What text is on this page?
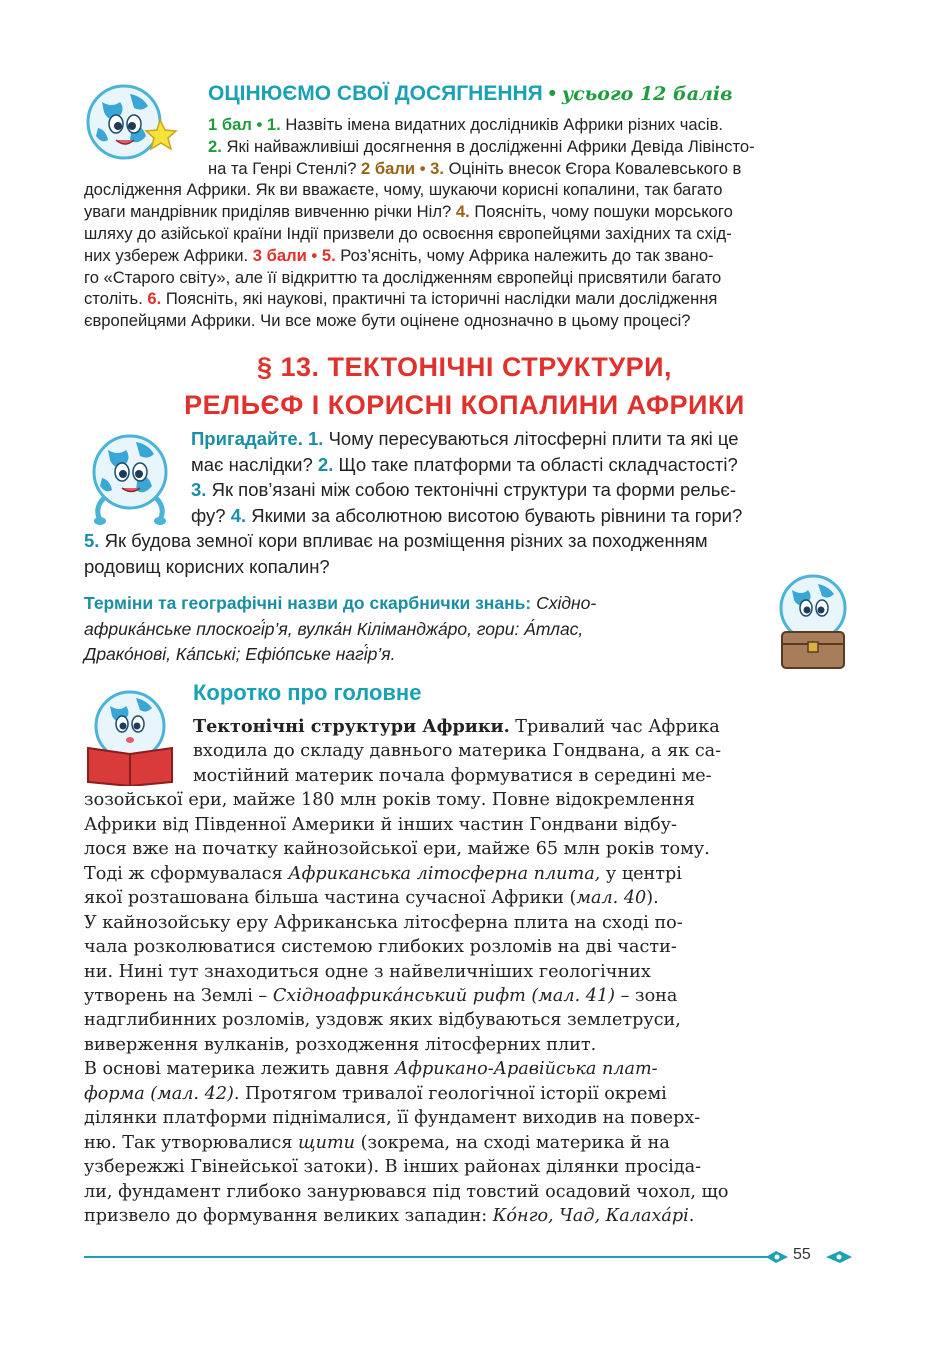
ОЦІНЮЄМО СВОЇ ДОСЯГНЕННЯ • усього 12 балів
1 бал • 1. Назвіть імена видатних дослідників Африки різних часів.
2. Які найважливіші досягнення в дослідженні Африки Девіда Лівінсто-
на та Генрі Стенлі? 2 бали • 3. Оцініть внесок Єгора Ковалевського в
дослідження Африки. Як ви вважаєте, чому, шукаючи корисні копалини, так багато
уваги мандрівник приділяв вивченню річки Ніл? 4. Поясніть, чому пошуки морського
шляху до азійської країни Індії призвели до освоєння європейцями західних та схід-
них узбереж Африки. 3 бали • 5. Роз’ясніть, чому Африка належить до так звано-
го «Старого світу», але її відкриттю та дослідженням європейці присвятили багато
століть. 6. Поясніть, які наукові, практичні та історичні наслідки мали дослідження
європейцями Африки. Чи все може бути оцінене однозначно в цьому процесі?
§ 13. ТЕКТОНІЧНІ СТРУКТУРИ,
РЕЛЬЄФ І КОРИСНІ КОПАЛИНИ АФРИКИ
Пригадайте. 1. Чому пересуваються літосферні плити та які це
має наслідки? 2. Що таке платформи та області складчастості?
3. Як пов’язані між собою тектонічні структури та форми рельє-
фу? 4. Якими за абсолютною висотою бувають рівнини та гори?
5. Як будова земної кори впливає на розміщення різних за походженням
родовищ корисних копалин?
Терміни та географічні назви до скарбнички знань: Східно-
африка́нське плоскогі́р’я, вулка́н Кіліманджа́ро, гори: А́тлас,
Драко́нові, Ка́пські; Ефіо́пське нагі́р’я.
Коротко про головне
Тектонічні структури Африки. Тривалий час Африка
входила до складу давнього материка Гондвана, а як са-
мостійний материк почала формуватися в середині ме-
зозойської ери, майже 180 млн років тому. Повне відокремлення
Африки від Південної Америки й інших частин Гондвани відбу-
лося вже на початку кайнозойської ери, майже 65 млн років тому.
Тоді ж сформувалася Африканська літосферна плита, у центрі
якої розташована більша частина сучасної Африки (мал. 40).
У кайнозойську еру Африканська літосферна плита на сході по-
чала розколюватися системою глибоких розломів на дві части-
ни. Нині тут знаходиться одне з найвеличніших геологічних
утворень на Землі – Східноафрика́нський рифт (мал. 41) – зона
надглибинних розломів, уздовж яких відбуваються землетруси,
виверження вулканів, розходження літосферних плит.
В основі материка лежить давня Африкано-Аравійська плат-
форма (мал. 42). Протягом тривалої геологічної історії окремі
ділянки платформи піднімалися, її фундамент виходив на поверх-
ню. Так утворювалися щити (зокрема, на сході материка й на
узбережжі Гвінейської затоки). В інших районах ділянки просіда-
ли, фундамент глибоко занурювався під товстий осадовий чохол, що
призвело до формування великих западин: Ко́нго, Чад, Калаха́рі.
55
